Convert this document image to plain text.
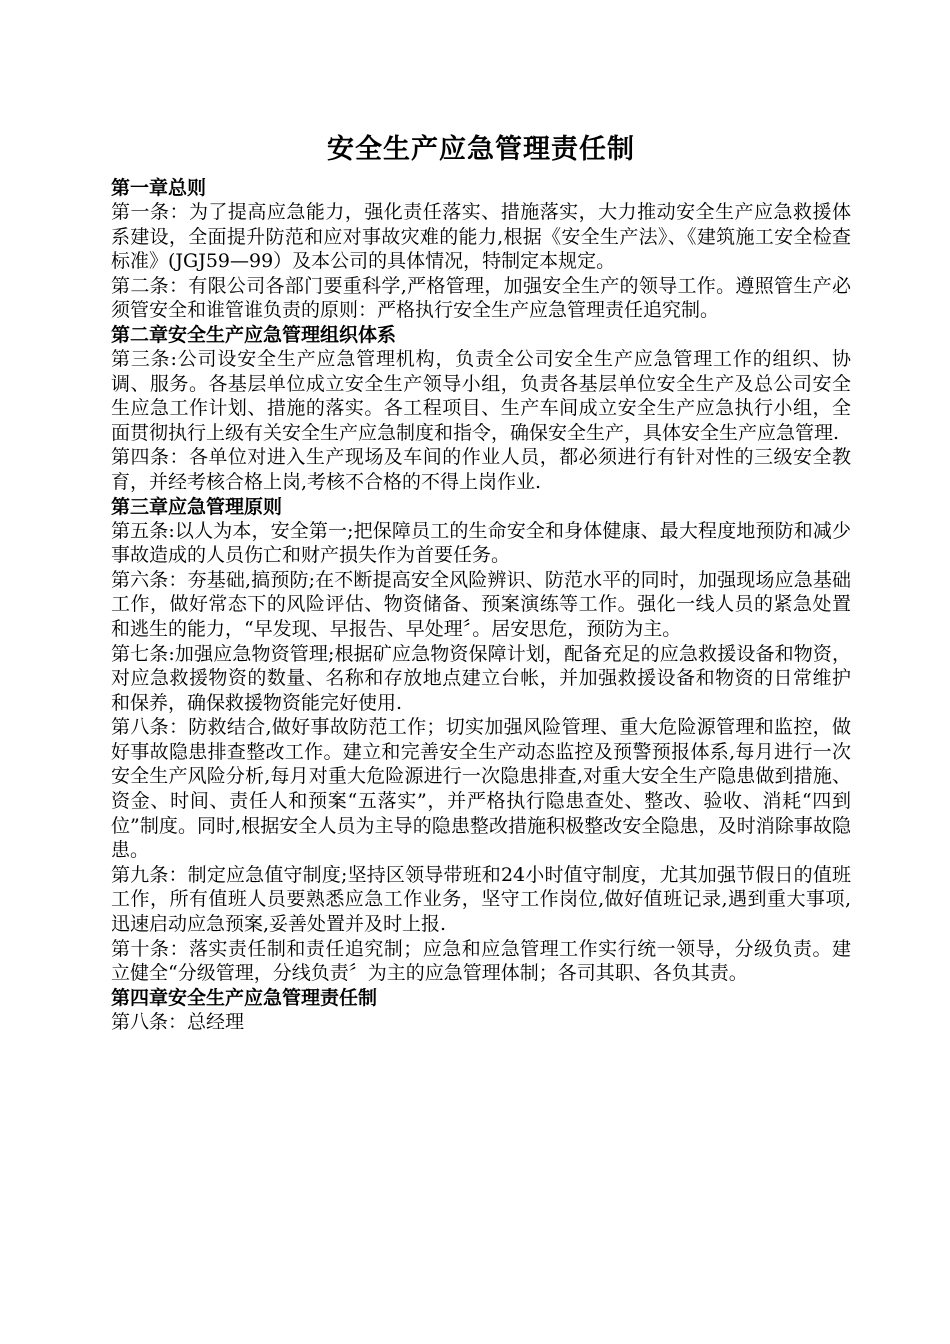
安全生产应急管理责任制
第一章总则

第一条：为了提高应急能力，强化责任落实、措施落实，大力推动安全生产应急救援体系建设，全面提升防范和应对事故灾难的能力,根据《安全生产法》、《建筑施工安全检查标准》(JGJ59—99）及本公司的具体情况，特制定本规定。

第二条：有限公司各部门要重科学,严格管理，加强安全生产的领导工作。遵照管生产必须管安全和谁管谁负责的原则：严格执行安全生产应急管理责任追究制。

第二章安全生产应急管理组织体系

第三条:公司设安全生产应急管理机构，负责全公司安全生产应急管理工作的组织、协调、服务。各基层单位成立安全生产领导小组，负责各基层单位安全生产及总公司安全生应急工作计划、措施的落实。各工程项目、生产车间成立安全生产应急执行小组，全面贯彻执行上级有关安全生产应急制度和指令，确保安全生产，具体安全生产应急管理.

第四条：各单位对进入生产现场及车间的作业人员，都必须进行有针对性的三级安全教育，并经考核合格上岗,考核不合格的不得上岗作业.

第三章应急管理原则

第五条:以人为本，安全第一;把保障员工的生命安全和身体健康、最大程度地预防和减少事故造成的人员伤亡和财产损失作为首要任务。

第六条：夯基础,搞预防;在不断提高安全风险辨识、防范水平的同时，加强现场应急基础工作，做好常态下的风险评估、物资储备、预案演练等工作。强化一线人员的紧急处置和逃生的能力，“早发现、早报告、早处理〞。居安思危，预防为主。

第七条:加强应急物资管理;根据矿应急物资保障计划，配备充足的应急救援设备和物资，对应急救援物资的数量、名称和存放地点建立台帐，并加强救援设备和物资的日常维护和保养，确保救援物资能完好使用.

第八条：防救结合,做好事故防范工作；切实加强风险管理、重大危险源管理和监控，做好事故隐患排查整改工作。建立和完善安全生产动态监控及预警预报体系,每月进行一次安全生产风险分析,每月对重大危险源进行一次隐患排查,对重大安全生产隐患做到措施、资金、时间、责任人和预案“五落实”，并严格执行隐患查处、整改、验收、消耗“四到位”制度。同时,根据安全人员为主导的隐患整改措施积极整改安全隐患，及时消除事故隐患。

第九条：制定应急值守制度;坚持区领导带班和24小时值守制度，尤其加强节假日的值班工作，所有值班人员要熟悉应急工作业务，坚守工作岗位,做好值班记录,遇到重大事项,迅速启动应急预案,妥善处置并及时上报.

第十条：落实责任制和责任追究制；应急和应急管理工作实行统一领导，分级负责。建立健全“分级管理，分线负责〞为主的应急管理体制；各司其职、各负其责。

第四章安全生产应急管理责任制

第八条：总经理
